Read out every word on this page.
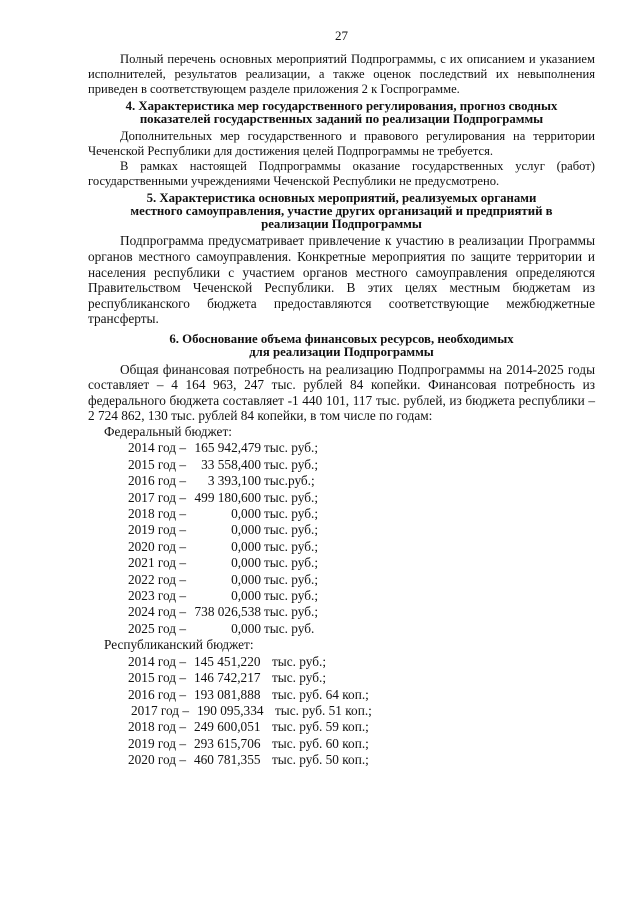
27

Полный перечень основных мероприятий Подпрограммы, с их описанием и указанием исполнителей, результатов реализации, а также оценок последствий их невыполнения приведен в соответствующем разделе приложения 2 к Госпрограмме.

4. Характеристика мер государственного регулирования, прогноз сводных
показателей государственных заданий по реализации Подпрограммы

Дополнительных мер государственного и правового регулирования на территории Чеченской Республики для достижения целей Подпрограммы не требуется.

В рамках настоящей Подпрограммы оказание государственных услуг (работ) государственными учреждениями Чеченской Республики не предусмотрено.

5. Характеристика основных мероприятий, реализуемых органами
местного самоуправления, участие других организаций и предприятий в
реализации Подпрограммы

Подпрограмма предусматривает привлечение к участию в реализации Программы органов местного самоуправления. Конкретные мероприятия по защите территории и населения республики с участием органов местного самоуправления определяются Правительством Чеченской Республики. В этих целях местным бюджетам из республиканского бюджета предоставляются соответствующие межбюджетные трансферты.

6. Обоснование объема финансовых ресурсов, необходимых
для реализации Подпрограммы

Общая финансовая потребность на реализацию Подпрограммы на 2014-2025 годы составляет – 4 164 963, 247 тыс. рублей 84 копейки. Финансовая потребность из федерального бюджета составляет -1 440 101, 117 тыс. рублей, из бюджета республики – 2 724 862, 130 тыс. рублей 84 копейки, в том числе по годам:

Федеральный бюджет:
2014 год – 165 942,479 тыс. руб.;
2015 год –	33 558,400 тыс. руб.;
2016 год –	3 393,100 тыс.руб.;
2017 год – 499 180,600 тыс. руб.;
2018 год –	0,000 тыс. руб.;
2019 год –	0,000 тыс. руб.;
2020 год –	0,000 тыс. руб.;
2021 год –	0,000 тыс. руб.;
2022 год –	0,000 тыс. руб.;
2023 год –	0,000 тыс. руб.;
2024 год – 738 026,538 тыс. руб.;
2025 год –	0,000 тыс. руб.
Республиканский бюджет:
2014 год – 145 451,220 тыс. руб.;
2015 год – 146 742,217 тыс. руб.;
2016 год – 193 081,888 тыс. руб. 64 коп.;
2017 год – 190 095,334 тыс. руб. 51 коп.;
2018 год – 249 600,051 тыс. руб. 59 коп.;
2019 год – 293 615,706 тыс. руб. 60 коп.;
2020 год – 460 781,355 тыс. руб. 50 коп.;
